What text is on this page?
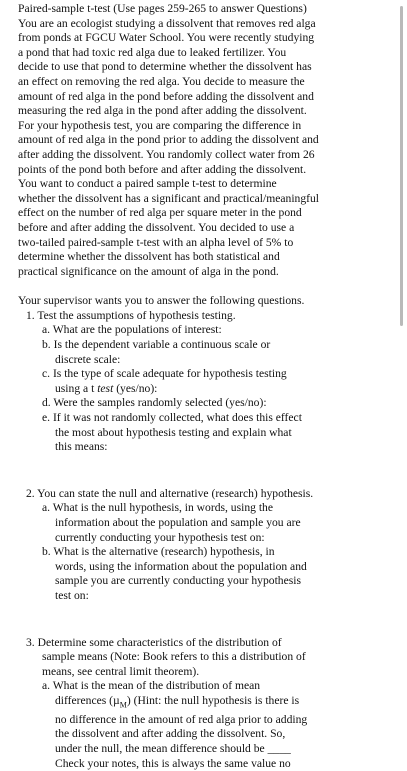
Paired-sample t-test (Use pages 259-265 to answer Questions)
You are an ecologist studying a dissolvent that removes red alga
from ponds at FGCU Water School. You were recently studying
a pond that had toxic red alga due to leaked fertilizer. You
decide to use that pond to determine whether the dissolvent has
an effect on removing the red alga. You decide to measure the
amount of red alga in the pond before adding the dissolvent and
measuring the red alga in the pond after adding the dissolvent.
For your hypothesis test, you are comparing the difference in
amount of red alga in the pond prior to adding the dissolvent and
after adding the dissolvent. You randomly collect water from 26
points of the pond both before and after adding the dissolvent.
You want to conduct a paired sample t-test to determine
whether the dissolvent has a significant and practical/meaningful
effect on the number of red alga per square meter in the pond
before and after adding the dissolvent. You decided to use a
two-tailed paired-sample t-test with an alpha level of 5% to
determine whether the dissolvent has both statistical and
practical significance on the amount of alga in the pond.
Your supervisor wants you to answer the following questions.
1. Test the assumptions of hypothesis testing.
a. What are the populations of interest:
b. Is the dependent variable a continuous scale or
discrete scale:
c. Is the type of scale adequate for hypothesis testing
using a t test (yes/no):
d. Were the samples randomly selected (yes/no):
e. If it was not randomly collected, what does this effect
the most about hypothesis testing and explain what
this means:
2. You can state the null and alternative (research) hypothesis.
a. What is the null hypothesis, in words, using the
information about the population and sample you are
currently conducting your hypothesis test on:
b. What is the alternative (research) hypothesis, in
words, using the information about the population and
sample you are currently conducting your hypothesis
test on:
3. Determine some characteristics of the distribution of
sample means (Note: Book refers to this a distribution of
means, see central limit theorem).
a. What is the mean of the distribution of mean
differences (µ$_M$) (Hint: the null hypothesis is there is
no difference in the amount of red alga prior to adding
the dissolvent and after adding the dissolvent. So,
under the null, the mean difference should be ____
Check your notes, this is always the same value no
